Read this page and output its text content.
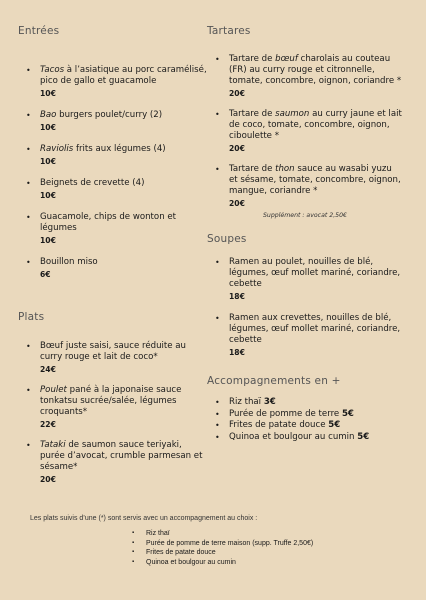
Entrées
• Tacos à l’asiatique au porc caramélisé, pico de gallo et guacamole
10€
• Bao burgers poulet/curry (2)
10€
• Raviolis frits aux légumes (4)
10€
• Beignets de crevette (4)
10€
• Guacamole, chips de wonton et légumes
10€
• Bouillon miso
6€
Plats
• Bœuf juste saisi, sauce réduite au curry rouge et lait de coco*
24€
• Poulet pané à la japonaise sauce tonkatsu sucrée/salée, légumes croquants*
22€
• Tataki de saumon sauce teriyaki, purée d’avocat, crumble parmesan et sésame*
20€
Tartares
• Tartare de bœuf charolais au couteau (FR) au curry rouge et citronnelle, tomate, concombre, oignon, coriandre *
20€
• Tartare de saumon au curry jaune et lait de coco, tomate, concombre, oignon, ciboulette *
20€
• Tartare de thon sauce au wasabi yuzu et sésame, tomate, concombre, oignon, mangue, coriandre *
20€
Supplément : avocat 2,50€
Soupes
• Ramen au poulet, nouilles de blé, légumes, œuf mollet mariné, coriandre, cebette
18€
• Ramen aux crevettes, nouilles de blé, légumes, œuf mollet mariné, coriandre, cebette
18€
Accompagnements en +
• Riz thaï 3€
• Purée de pomme de terre 5€
• Frites de patate douce 5€
• Quinoa et boulgour au cumin 5€

Les plats suivis d’une (*) sont servis avec un accompagnement au choix :

▪ Riz thaï
▪ Purée de pomme de terre maison (supp. Truffe 2,50€)
▪ Frites de patate douce
▪ Quinoa et boulgour au cumin
